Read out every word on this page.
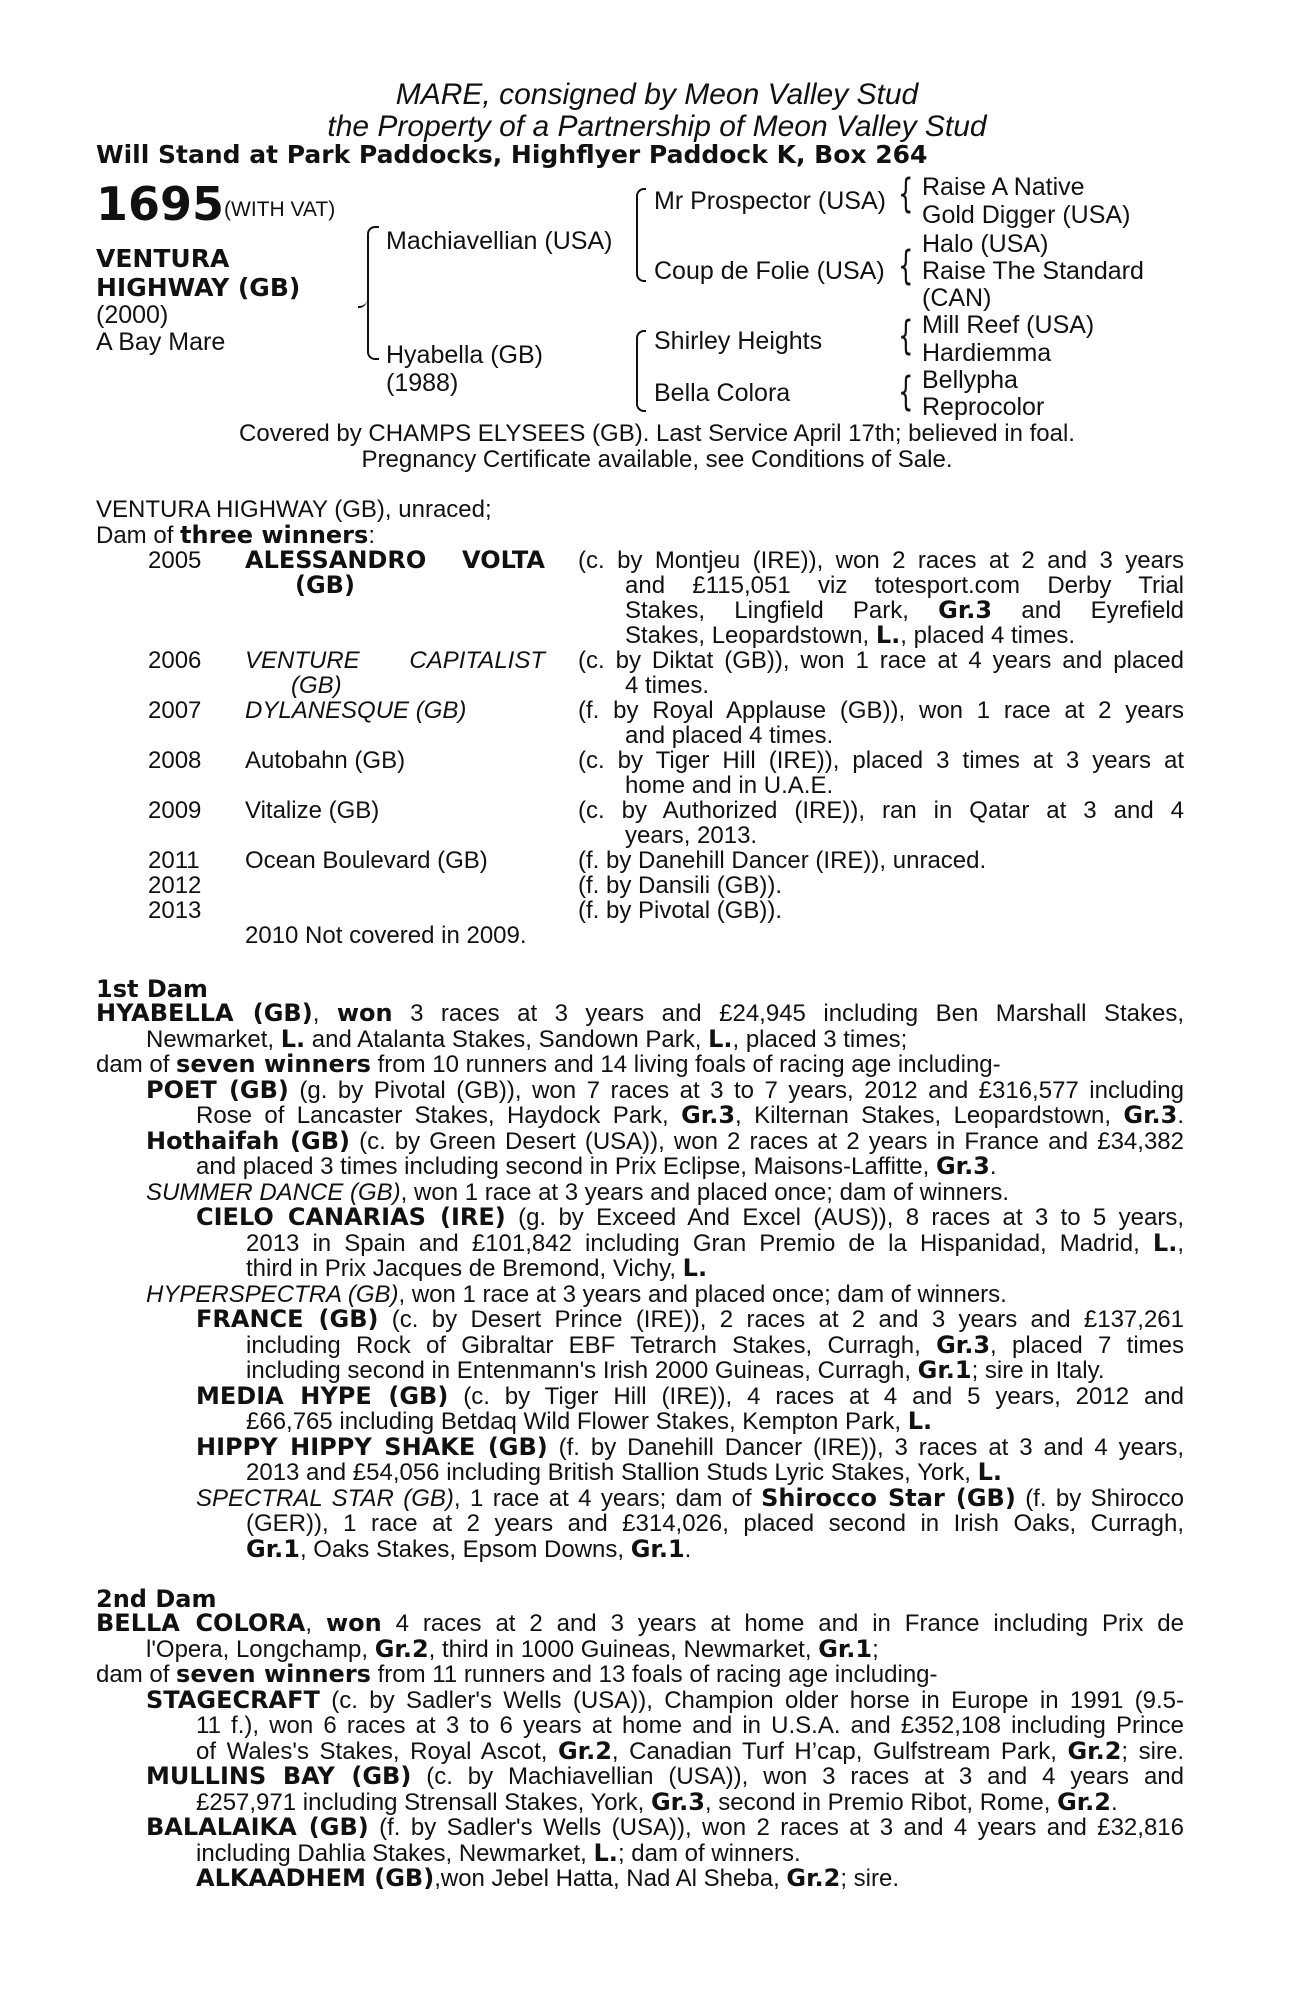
MARE, consigned by Meon Valley Stud
the Property of a Partnership of Meon Valley Stud
Will Stand at Park Paddocks, Highflyer Paddock K, Box 264
1695 (WITH VAT)
VENTURA
HIGHWAY (GB)
(2000)
A Bay Mare
Machiavellian (USA)
Hyabella (GB)
(1988)
Mr Prospector (USA)
Coup de Folie (USA)
Shirley Heights
Bella Colora
{
{
{
{
Raise A Native
Gold Digger (USA)
Halo (USA)
Raise The Standard
(CAN)
Mill Reef (USA)
Hardiemma
Bellypha
Reprocolor
Covered by CHAMPS ELYSEES (GB). Last Service April 17th; believed in foal.
Pregnancy Certificate available, see Conditions of Sale.
VENTURA HIGHWAY (GB), unraced;
Dam of three winners:
2005 ALESSANDRO VOLTA
(GB)
(c. by Montjeu (IRE)), won 2 races at 2 and 3 years
and £115,051 viz totesport.com Derby Trial
Stakes, Lingfield Park, Gr.3 and Eyrefield
Stakes, Leopardstown, L., placed 4 times.
2006 VENTURE CAPITALIST
(GB)
(c. by Diktat (GB)), won 1 race at 4 years and placed
4 times.
2007 DYLANESQUE (GB)	(f. by Royal Applause (GB)), won 1 race at 2 years
and placed 4 times.
2008 Autobahn (GB)	(c. by Tiger Hill (IRE)), placed 3 times at 3 years at
home and in U.A.E.
2009 Vitalize (GB)	(c. by Authorized (IRE)), ran in Qatar at 3 and 4
years, 2013.
2011 Ocean Boulevard (GB)	(f. by Danehill Dancer (IRE)), unraced.
2012	(f. by Dansili (GB)).
2013	(f. by Pivotal (GB)).
2010 Not covered in 2009.
1st Dam
HYABELLA (GB), won 3 races at 3 years and £24,945 including Ben Marshall Stakes,
Newmarket, L. and Atalanta Stakes, Sandown Park, L., placed 3 times;
dam of seven winners from 10 runners and 14 living foals of racing age including-
POET (GB) (g. by Pivotal (GB)), won 7 races at 3 to 7 years, 2012 and £316,577 including
Rose of Lancaster Stakes, Haydock Park, Gr.3, Kilternan Stakes, Leopardstown, Gr.3.
Hothaifah (GB) (c. by Green Desert (USA)), won 2 races at 2 years in France and £34,382
and placed 3 times including second in Prix Eclipse, Maisons-Laffitte, Gr.3.
SUMMER DANCE (GB), won 1 race at 3 years and placed once; dam of winners.
CIELO CANARIAS (IRE) (g. by Exceed And Excel (AUS)), 8 races at 3 to 5 years,
2013 in Spain and £101,842 including Gran Premio de la Hispanidad, Madrid, L.,
third in Prix Jacques de Bremond, Vichy, L.
HYPERSPECTRA (GB), won 1 race at 3 years and placed once; dam of winners.
FRANCE (GB) (c. by Desert Prince (IRE)), 2 races at 2 and 3 years and £137,261
including Rock of Gibraltar EBF Tetrarch Stakes, Curragh, Gr.3, placed 7 times
including second in Entenmann's Irish 2000 Guineas, Curragh, Gr.1; sire in Italy.
MEDIA HYPE (GB) (c. by Tiger Hill (IRE)), 4 races at 4 and 5 years, 2012 and
£66,765 including Betdaq Wild Flower Stakes, Kempton Park, L.
HIPPY HIPPY SHAKE (GB) (f. by Danehill Dancer (IRE)), 3 races at 3 and 4 years,
2013 and £54,056 including British Stallion Studs Lyric Stakes, York, L.
SPECTRAL STAR (GB), 1 race at 4 years; dam of Shirocco Star (GB) (f. by Shirocco
(GER)), 1 race at 2 years and £314,026, placed second in Irish Oaks, Curragh,
Gr.1, Oaks Stakes, Epsom Downs, Gr.1.
2nd Dam
BELLA COLORA, won 4 races at 2 and 3 years at home and in France including Prix de
l'Opera, Longchamp, Gr.2, third in 1000 Guineas, Newmarket, Gr.1;
dam of seven winners from 11 runners and 13 foals of racing age including-
STAGECRAFT (c. by Sadler's Wells (USA)), Champion older horse in Europe in 1991 (9.5-
11 f.), won 6 races at 3 to 6 years at home and in U.S.A. and £352,108 including Prince
of Wales's Stakes, Royal Ascot, Gr.2, Canadian Turf H’cap, Gulfstream Park, Gr.2; sire.
MULLINS BAY (GB) (c. by Machiavellian (USA)), won 3 races at 3 and 4 years and
£257,971 including Strensall Stakes, York, Gr.3, second in Premio Ribot, Rome, Gr.2.
BALALAIKA (GB) (f. by Sadler's Wells (USA)), won 2 races at 3 and 4 years and £32,816
including Dahlia Stakes, Newmarket, L.; dam of winners.
ALKAADHEM (GB),won Jebel Hatta, Nad Al Sheba, Gr.2; sire.
